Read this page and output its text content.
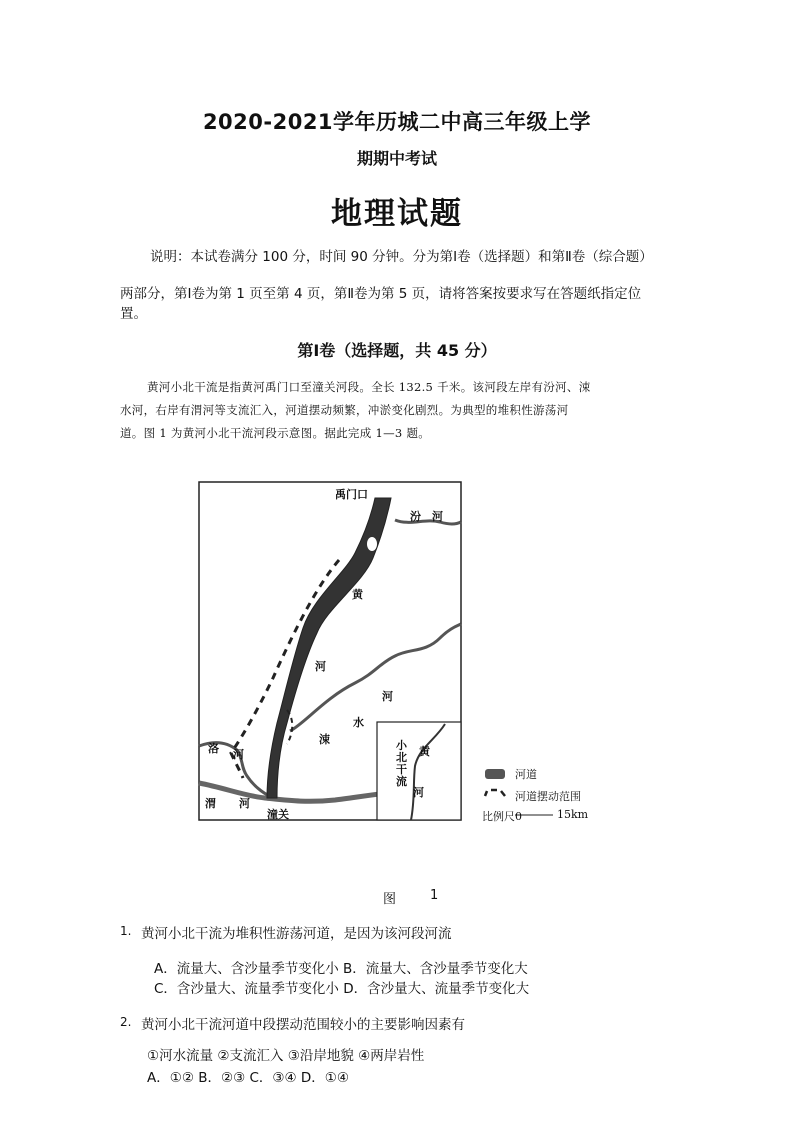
2020-2021学年历城二中高三年级上学
期期中考试
地理试题
说明：本试卷满分 100 分，时间 90 分钟。分为第Ⅰ卷（选择题）和第Ⅱ卷（综合题）
两部分，第Ⅰ卷为第 1 页至第 4 页，第Ⅱ卷为第 5 页，请将答案按要求写在答题纸指定位
置。
第Ⅰ卷（选择题，共 45 分）
黄河小北干流是指黄河禹门口至潼关河段。全长 132.5 千米。该河段左岸有汾河、涑
水河，右岸有渭河等支流汇入，河道摆动频繁，冲淤变化剧烈。为典型的堆积性游荡河
道。图 1 为黄河小北干流河段示意图。据此完成 1—3 题。
禹门口
汾 河
黄
河
河
水
涑
洛 河
渭 河
潼关
小北干流
黄
河
河道
河道摆动范围
比例尺0	15km
图	1
1. 黄河小北干流为堆积性游荡河道，是因为该河段河流
A．流量大、含沙量季节变化小 B．流量大、含沙量季节变化大
C．含沙量大、流量季节变化小 D．含沙量大、流量季节变化大
2. 黄河小北干流河道中段摆动范围较小的主要影响因素有
①河水流量 ②支流汇入 ③沿岸地貌 ④两岸岩性
A．①② B．②③ C．③④ D．①④
